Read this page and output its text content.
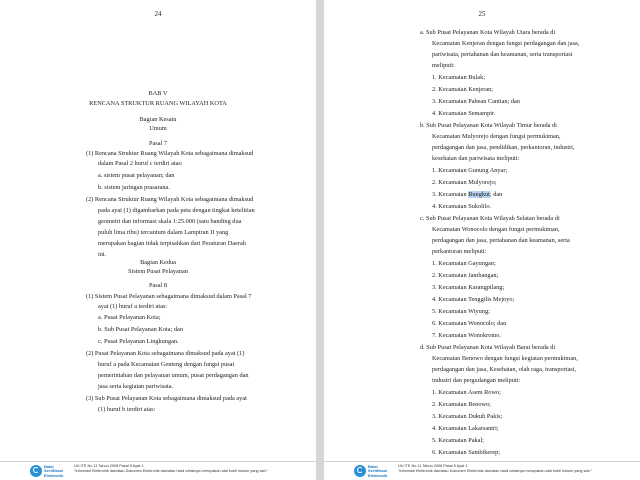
24
BAB V
RENCANA STRUKTUR RUANG WILAYAH KOTA
Bagian Kesatu
Umum
Pasal 7
(1) Rencana Struktur Ruang Wilayah Kota sebagaimana dimaksud
dalam Pasal 2 huruf c terdiri atas:
a. sistem pusat pelayanan; dan
b. sistem jaringan prasarana.
(2) Rencana Struktur Ruang Wilayah Kota sebagaimana dimaksud
pada ayat (1) digambarkan pada peta dengan tingkat ketelitian
geometri dan informasi skala 1:25.000 (satu banding dua
puluh lima ribu) tercantum dalam Lampiran II yang
merupakan bagian tidak terpisahkan dari Peraturan Daerah
ini.
Bagian Kedua
Sistem Pusat Pelayanan
Pasal 8
(1) Sistem Pusat Pelayanan sebagaimana dimaksud dalam Pasal 7
ayat (1) huruf a terdiri atas:
a. Pusat Pelayanan Kota;
b. Sub Pusat Pelayanan Kota; dan
c. Pusat Pelayanan Lingkungan.
(2) Pusat Pelayanan Kota sebagaimana dimaksud pada ayat (1)
huruf a pada Kecamatan Genteng dengan fungsi pusat
pemerintahan dan pelayanan umum, pusat perdagangan dan
jasa serta kegiatan pariwisata.
(3) Sub Pusat Pelayanan Kota sebagaimana dimaksud pada ayat
(1) huruf b terdiri atas:
Balai
Sertifikasi
Elektronik
UU ITE No 11 Tahun 2008 Pasal 5 Ayat 1
"Informasi Elektronik dan/atau Dokumen Elektronik dan/atau hasil cetaknya merupakan alat bukti hukum yang sah."
25
a. Sub Pusat Pelayanan Kota Wilayah Utara berada di
Kecamatan Kenjeran dengan fungsi perdagangan dan jasa,
pariwisata, pertahanan dan keamanan, serta transportasi
meliputi:
1. Kecamatan Bulak;
2. Kecamatan Kenjeran;
3. Kecamatan Pabean Cantian; dan
4. Kecamatan Semampir.
b. Sub Pusat Pelayanan Kota Wilayah Timur berada di
Kecamatan Mulyorejo dengan fungsi permukiman,
perdagangan dan jasa, pendidikan, perkantoran, industri,
kesehatan dan pariwisata meliputi:
1. Kecamatan Gunung Anyar;
2. Kecamatan Mulyorejo;
3. Kecamatan Rungkut; dan
4. Kecamatan Sukolilo.
c. Sub Pusat Pelayanan Kota Wilayah Selatan berada di
Kecamatan Wonocolo dengan fungsi permukiman,
perdagangan dan jasa, pertahanan dan keamanan, serta
perkantoran meliputi:
1. Kecamatan Gayungan;
2. Kecamatan Jambangan;
3. Kecamatan Karangpilang;
4. Kecamatan Tenggilis Mejoyo;
5. Kecamatan Wiyung;
6. Kecamatan Wonocolo; dan
7. Kecamatan Wonokromo.
d. Sub Pusat Pelayanan Kota Wilayah Barat berada di
Kecamatan Benowo dengan fungsi kegiatan permukiman,
perdagangan dan jasa, Kesehatan, olah raga, transportasi,
industri dan pergudangan meliputi:
1. Kecamatan Asem Rowo;
2. Kecamatan Benowo;
3. Kecamatan Dukuh Pakis;
4. Kecamatan Lakarsantri;
5. Kecamatan Pakal;
6. Kecamatan Sambikerep;
Balai
Sertifikasi
Elektronik
UU ITE No 11 Tahun 2008 Pasal 5 Ayat 1
"Informasi Elektronik dan/atau Dokumen Elektronik dan/atau hasil cetaknya merupakan alat bukti hukum yang sah."
